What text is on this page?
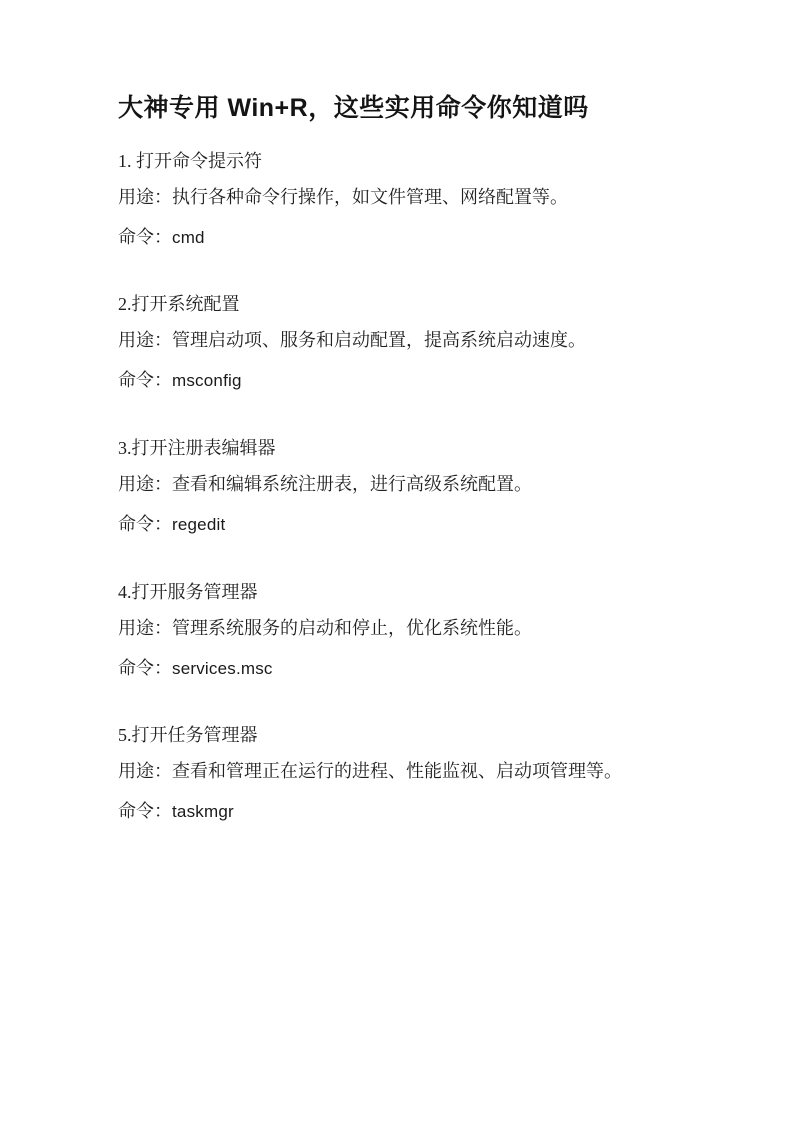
大神专用 Win+R，这些实用命令你知道吗

1. 打开命令提示符

用途：执行各种命令行操作，如文件管理、网络配置等。

命令：cmd

2.打开系统配置

用途：管理启动项、服务和启动配置，提高系统启动速度。

命令：msconfig

3.打开注册表编辑器

用途：查看和编辑系统注册表，进行高级系统配置。

命令：regedit

4.打开服务管理器

用途：管理系统服务的启动和停止，优化系统性能。

命令：services.msc

5.打开任务管理器

用途：查看和管理正在运行的进程、性能监视、启动项管理等。

命令：taskmgr
